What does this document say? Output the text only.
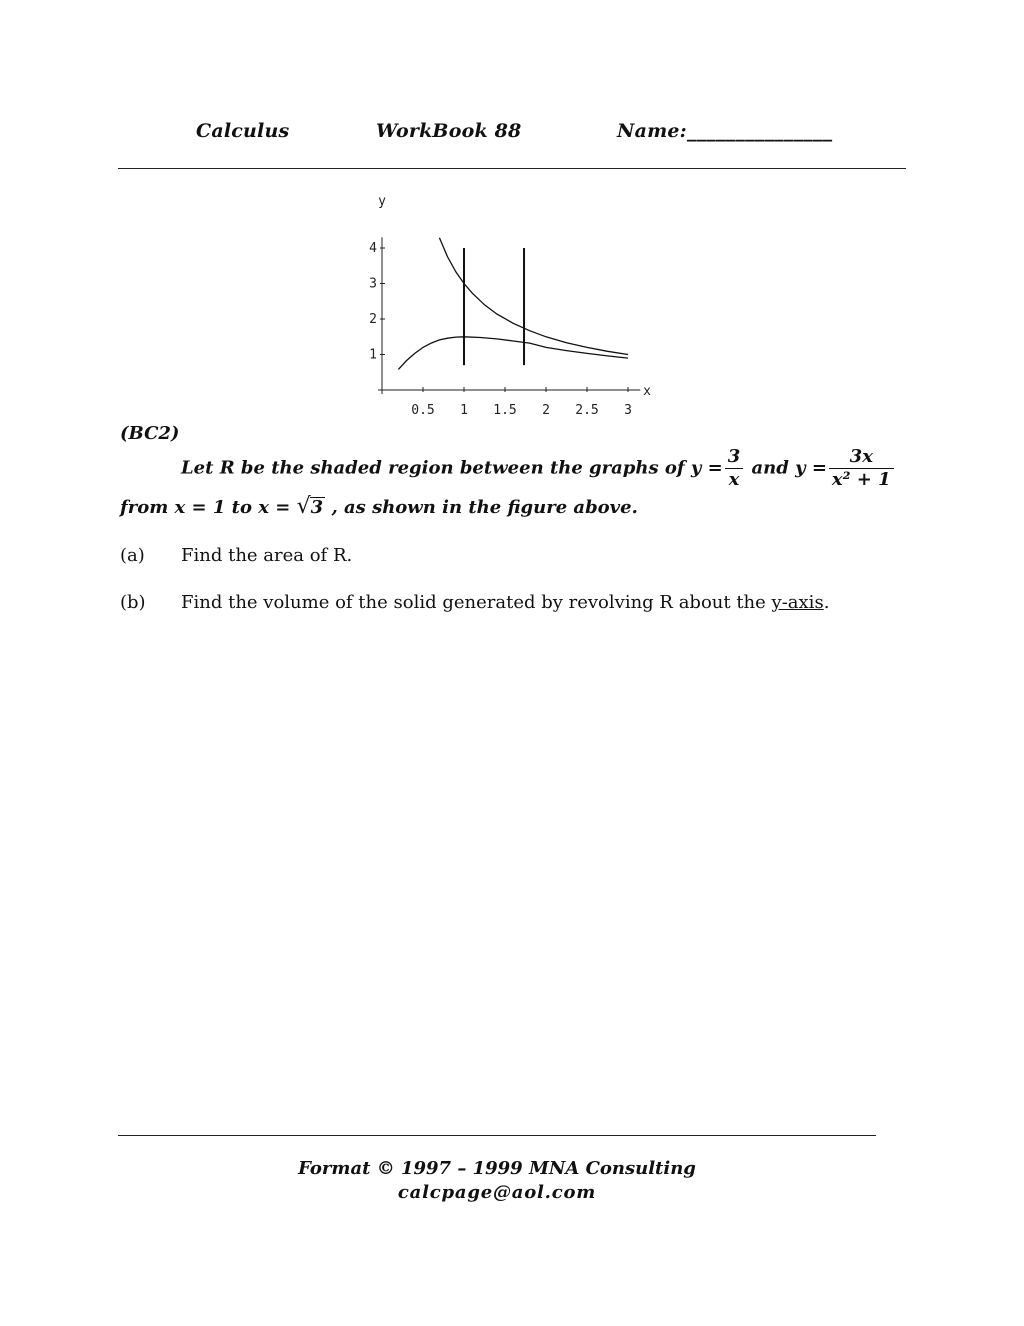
Calculus	WorkBook 88	Name:_______________
0.5 1 1.5 2 2.5 3
1
2
3
4
y
x
(BC2)
Let R be the shaded region between the graphs of $y = \frac{3}{x}$ and $y = \frac{3x}{\text{x² + 1}}$
from x = 1 to x = √3 , as shown in the figure above.
(a) Find the area of R.
(b) Find the volume of the solid generated by revolving R about the y-axis.
Format © 1997 – 1999 MNA Consulting
calcpage@aol.com
